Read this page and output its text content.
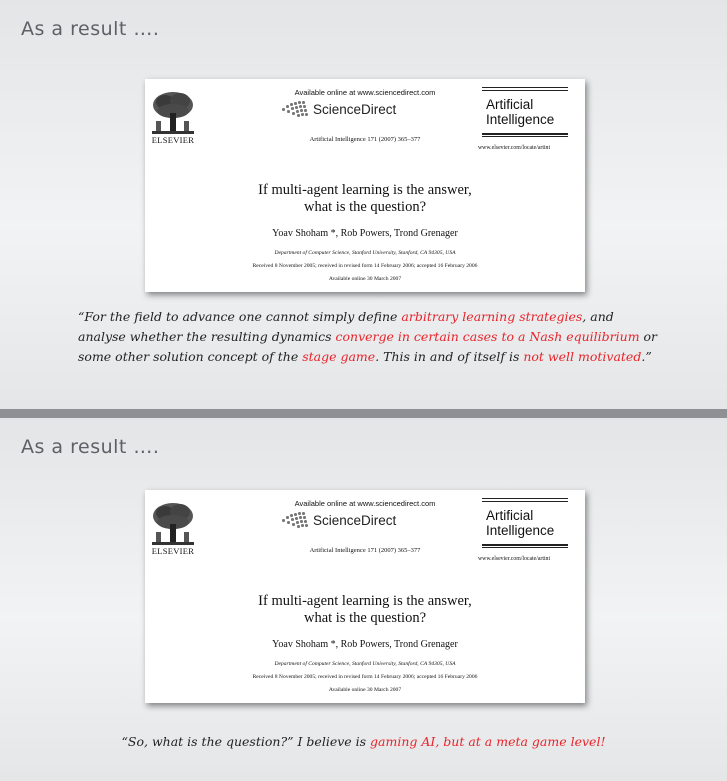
As a result ….
ELSEVIER
Available online at www.sciencedirect.com
ScienceDirect
Artificial Intelligence 171 (2007) 365–377
Artificial
Intelligence
www.elsevier.com/locate/artint
If multi-agent learning is the answer,
what is the question?
Yoav Shoham *, Rob Powers, Trond Grenager
Department of Computer Science, Stanford University, Stanford, CA 94305, USA
Received 8 November 2005; received in revised form 14 February 2006; accepted 16 February 2006
Available online 30 March 2007
“For the field to advance one cannot simply define arbitrary learning strategies, and analyse whether the resulting dynamics converge in certain cases to a Nash equilibrium or some other solution concept of the stage game. This in and of itself is not well motivated.”
As a result ….
ELSEVIER
Available online at www.sciencedirect.com
ScienceDirect
Artificial Intelligence 171 (2007) 365–377
Artificial
Intelligence
www.elsevier.com/locate/artint
If multi-agent learning is the answer,
what is the question?
Yoav Shoham *, Rob Powers, Trond Grenager
Department of Computer Science, Stanford University, Stanford, CA 94305, USA
Received 8 November 2005; received in revised form 14 February 2006; accepted 16 February 2006
Available online 30 March 2007
“So, what is the question?” I believe is gaming AI, but at a meta game level!
